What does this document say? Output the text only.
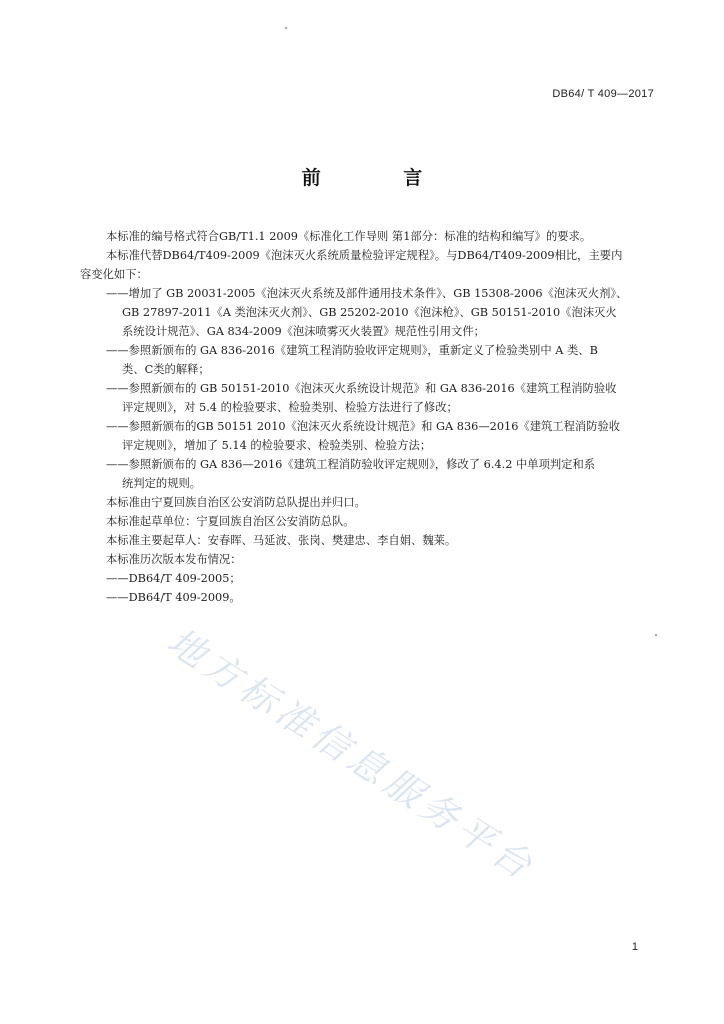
DB64/ T 409—2017
前 言
地方标准信息服务平台
本标准的编号格式符合GB/T1.1 2009《标准化工作导则 第1部分：标准的结构和编写》的要求。
本标准代替DB64/T409-2009《泡沫灭火系统质量检验评定规程》。与DB64/T409-2009相比，主要内
容变化如下：
——增加了 GB 20031-2005《泡沫灭火系统及部件通用技术条件》、GB 15308-2006《泡沫灭火剂》、
GB 27897-2011《A 类泡沫灭火剂》、GB 25202-2010《泡沫枪》、GB 50151-2010《泡沫灭火
系统设计规范》、GA 834-2009《泡沫喷雾灭火装置》规范性引用文件；
——参照新颁布的 GA 836-2016《建筑工程消防验收评定规则》，重新定义了检验类别中 A 类、B
类、C类的解释；
——参照新颁布的 GB 50151-2010《泡沫灭火系统设计规范》和 GA 836-2016《建筑工程消防验收
评定规则》，对 5.4 的检验要求、检验类别、检验方法进行了修改；
——参照新颁布的GB 50151 2010《泡沫灭火系统设计规范》和 GA 836—2016《建筑工程消防验收
评定规则》，增加了 5.14 的检验要求、检验类别、检验方法；
——参照新颁布的 GA 836—2016《建筑工程消防验收评定规则》，修改了 6.4.2 中单项判定和系
统判定的规则。
本标准由宁夏回族自治区公安消防总队提出并归口。
本标准起草单位：宁夏回族自治区公安消防总队。
本标准主要起草人：安春晖、马延波、张岗、樊建忠、李自娟、魏莱。
本标准历次版本发布情况：
——DB64/T 409-2005；
——DB64/T 409-2009。
1
